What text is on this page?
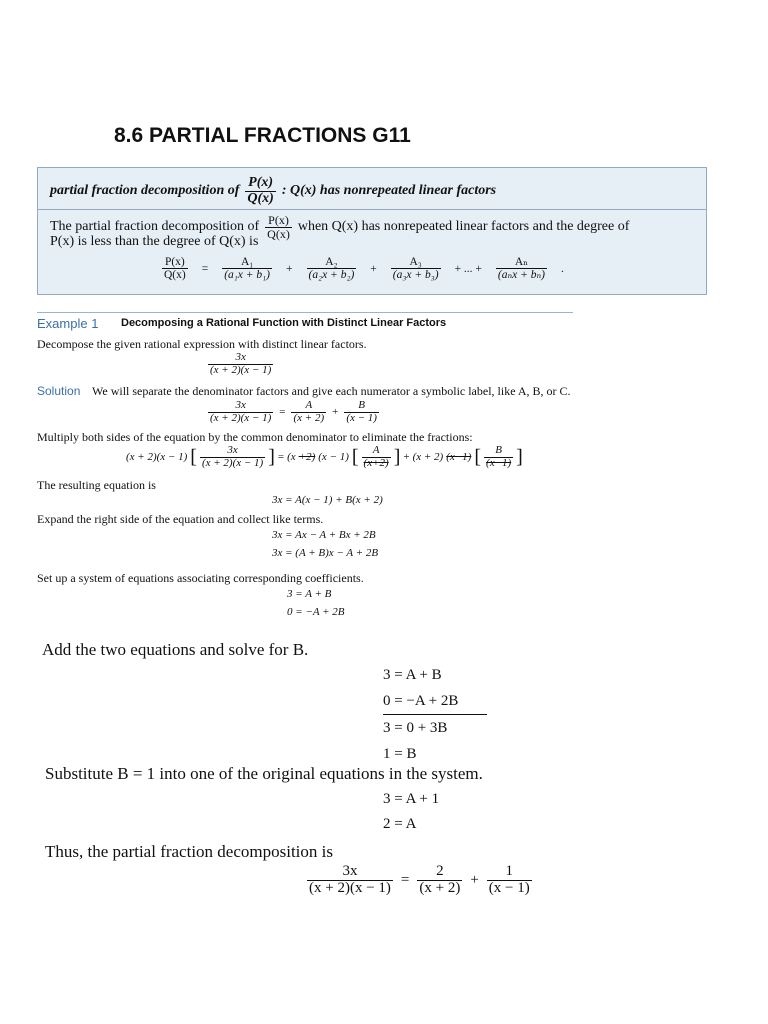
8.6 PARTIAL FRACTIONS G11
partial fraction decomposition of $\frac{P(x)}{Q(x)}$ : Q(x) has nonrepeated linear factors
The partial fraction decomposition of $\frac{P(x)}{Q(x)}$ when Q(x) has nonrepeated linear factors and the degree of
P(x) is less than the degree of Q(x) is
$\frac{P(x)}{Q(x)} = \frac{\text{A₁}}{\text{(a₁x + b₁)}} + \frac{\text{A₂}}{\text{(a₂x + b₂)}} + \frac{\text{A₃}}{\text{(a₃x + b₃)}}$ + ... + $\frac{\text{Aₙ}}{\text{(aₙx + bₙ)}}$ .
Example 1 Decomposing a Rational Function with Distinct Linear Factors
Decompose the given rational expression with distinct linear factors.
$\frac{3x}{(x + 2)(x - 1)}$
Solution We will separate the denominator factors and give each numerator a symbolic label, like A, B, or C.
$\frac{3x}{(x + 2)(x - 1)} = \frac{A}{(x + 2)} + \frac{B}{(x - 1)}$
Multiply both sides of the equation by the common denominator to eliminate the fractions:
(x + 2)(x − 1) [ $\frac{3x}{(x + 2)(x - 1)}$ ] = (x +2) (x − 1) [ $\frac{A}{(x+2)}$ ] + (x + 2) (x−1) [ $\frac{B}{(x-1)}$ ]
The resulting equation is
3x = A(x − 1) + B(x + 2)
Expand the right side of the equation and collect like terms.
3x = Ax − A + Bx + 2B
3x = (A + B)x − A + 2B
Set up a system of equations associating corresponding coefficients.
3 = A + B
0 = −A + 2B
Add the two equations and solve for B.
3 = A + B
0 = −A + 2B
3 = 0 + 3B
1 = B
Substitute B = 1 into one of the original equations in the system.
3 = A + 1
2 = A
Thus, the partial fraction decomposition is
$\frac{3x}{(x + 2)(x - 1)} = \frac{2}{(x + 2)} + \frac{1}{(x - 1)}$
